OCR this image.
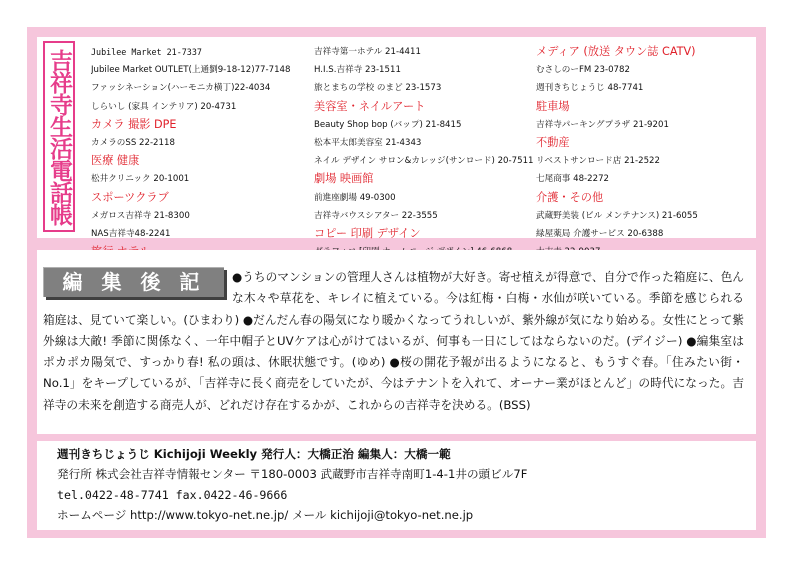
吉祥寺生活電話帳 Jubilee Market 21-7337
Jubilee Market OUTLET(上通劉9-18-12)77-7148
ファッシネーション(ハーモニカ横丁)22-4034
しらいし (家具 インテリア) 20-4731
カメラ 撮影 DPE
カメラのSS 22-2118
医療 健康
松井クリニック 20-1001
スポーツクラブ
メガロス吉祥寺 21-8300
NAS吉祥寺48-2241
吉祥寺第一ホテル 21-4411
H.I.S.吉祥寺 23-1511
旅とまちの学校 のまど 23-1573
美容室・ネイルアート
Beauty Shop bop (バップ) 21-8415
松本平太郎美容室 21-4343
ネイル デザイン サロン&カレッジ(サンロード) 20-7511
劇場 映画館
前進座劇場 49-0300
吉祥寺バウスシアター 22-3555
コピー 印刷 デザイン
メディア (放送 タウン誌 CATV)
むさしのーFM 23-0782
週刊きちじょうじ 48-7741
駐車場
吉祥寺パーキングプラザ 21-9201
不動産
リベストサンロード店 21-2522
七尾商事 48-2272
介護・その他
武蔵野美装 (ビル メンテナンス) 21-6055
緑屋薬局 介護サービス 20-6388
編 集 後 記 ●うちのマンションの管理人さんは植物が大好き。寄せ植えが得意で、自分で作った箱庭に、色んな木々や草花を、キレイに植えている。今は紅梅・白梅・水仙が咲いている。季節を感じられる箱庭は、見ていて楽しい。(ひまわり) ●だんだん春の陽気になり暖かくなってうれしいが、紫外線が気になり始める。女性にとって紫外線は大敵! 季節に関係なく、一年中帽子とUVケアは心がけてはいるが、何事も一日にしてはならないのだ。(デイジー) ●編集室はポカポカ陽気で、すっかり春! 私の頭は、休眠状態です。(ゆめ) ●桜の開花予報が出るようになると、もうすぐ春。「住みたい街・No.1」をキープしているが、「吉祥寺に長く商売をしていたが、今はテナントを入れて、オーナー業がほとんど」の時代になった。吉祥寺の未来を創造する商売人が、どれだけ存在するかが、これからの吉祥寺を決める。(BSS)
週刊きちじょうじ Kichijoji Weekly 発行人：大橋正治 編集人：大橋一範
発行所 株式会社吉祥寺情報センター 〒180-0003 武蔵野市吉祥寺南町1-4-1井の頭ビル7F
tel.0422-48-7741 fax.0422-46-9666
ホームページ http://www.tokyo-net.ne.jp/ メール kichijoji@tokyo-net.ne.jp
